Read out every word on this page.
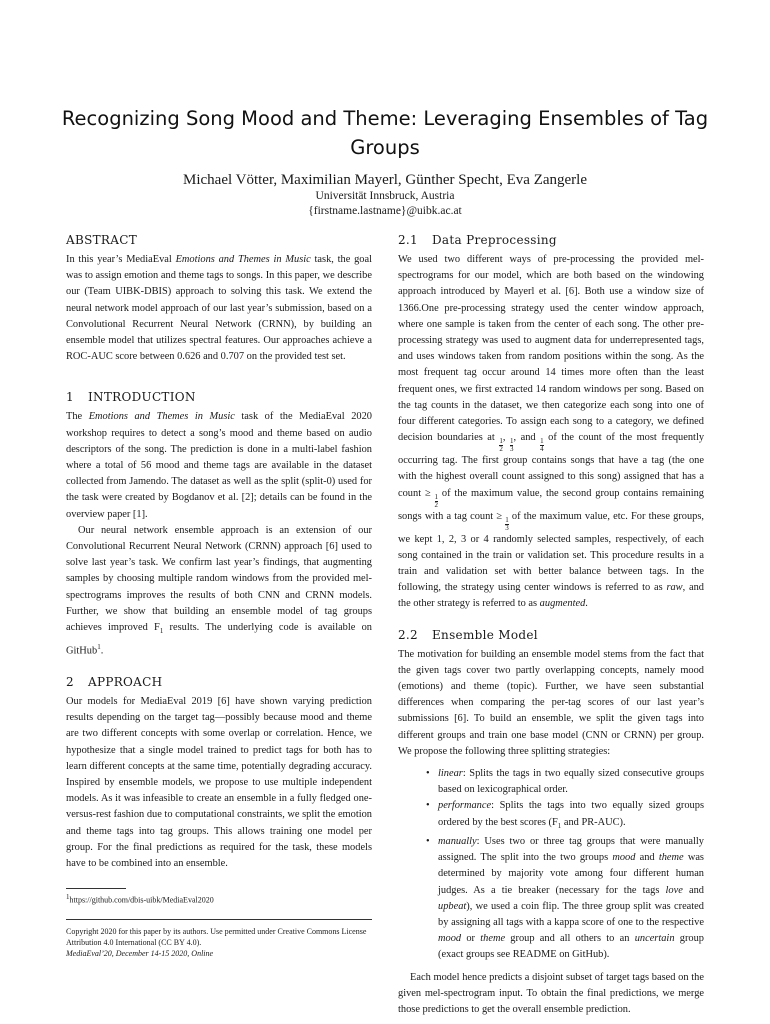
Recognizing Song Mood and Theme: Leveraging Ensembles of Tag Groups
Michael Vötter, Maximilian Mayerl, Günther Specht, Eva Zangerle
Universität Innsbruck, Austria
{firstname.lastname}@uibk.ac.at
ABSTRACT

In this year’s MediaEval Emotions and Themes in Music task, the goal was to assign emotion and theme tags to songs. In this paper, we describe our (Team UIBK-DBIS) approach to solving this task. We extend the neural network model approach of our last year’s submission, based on a Convolutional Recurrent Neural Network (CRNN), by building an ensemble model that utilizes spectral features. Our approaches achieve a ROC-AUC score between 0.626 and 0.707 on the provided test set.

1 INTRODUCTION

The Emotions and Themes in Music task of the MediaEval 2020 workshop requires to detect a song’s mood and theme based on audio descriptors of the song. The prediction is done in a multi-label fashion where a total of 56 mood and theme tags are available in the dataset collected from Jamendo. The dataset as well as the split (split-0) used for the task were created by Bogdanov et al. [2]; details can be found in the overview paper [1].

Our neural network ensemble approach is an extension of our Convolutional Recurrent Neural Network (CRNN) approach [6] used to solve last year’s task. We confirm last year’s findings, that augmenting samples by choosing multiple random windows from the provided mel-spectrograms improves the results of both CNN and CRNN models. Further, we show that building an ensemble model of tag groups achieves improved $F_1$ results. The underlying code is available on GitHub$^1$.

2 APPROACH

Our models for MediaEval 2019 [6] have shown varying prediction results depending on the target tag—possibly because mood and theme are two different concepts with some overlap or correlation. Hence, we hypothesize that a single model trained to predict tags for both has to learn different concepts at the same time, potentially degrading accuracy. Inspired by ensemble models, we propose to use multiple independent models. As it was infeasible to create an ensemble in a fully fledged one-versus-rest fashion due to computational constraints, we split the emotion and theme tags into tag groups. This allows training one model per group. For the final predictions as required for the task, these models have to be combined into an ensemble.

$^1$https://github.com/dbis-uibk/MediaEval2020
Copyright 2020 for this paper by its authors. Use permitted under Creative Commons License Attribution 4.0 International (CC BY 4.0).
MediaEval’20, December 14-15 2020, Online
2.1 Data Preprocessing

We used two different ways of pre-processing the provided mel-spectrograms for our model, which are both based on the windowing approach introduced by Mayerl et al. [6]. Both use a window size of 1366.One pre-processing strategy used the center window approach, where one sample is taken from the center of each song. The other pre-processing strategy was used to augment data for underrepresented tags, and uses windows taken from random positions within the song. As the most frequent tag occur around 14 times more often than the least frequent ones, we first extracted 14 random windows per song. Based on the tag counts in the dataset, we then categorize each song into one of four different categories. To assign each song to a category, we defined decision boundaries at
$\frac{1}{2}$
,
$\frac{1}{3}$
, and
$\frac{1}{4}$
of the count of the most frequently occurring tag. The first group contains songs that have a tag (the one with the highest overall count assigned to this song) assigned that has a count ≥
$\frac{1}{2}$
of the maximum value, the second group contains remaining songs with a tag count ≥
$\frac{1}{3}$
of the maximum value, etc. For these groups, we kept 1, 2, 3 or 4 randomly selected samples, respectively, of each song contained in the train or validation set. This procedure results in a train and validation set with better balance between tags. In the following, the strategy using center windows is referred to as raw, and the other strategy is referred to as augmented.

2.2 Ensemble Model

The motivation for building an ensemble model stems from the fact that the given tags cover two partly overlapping concepts, namely mood (emotions) and theme (topic). Further, we have seen substantial differences when comparing the per-tag scores of our last year’s submissions [6]. To build an ensemble, we split the given tags into different groups and train one base model (CNN or CRNN) per group. We propose the following three splitting strategies:

• linear: Splits the tags in two equally sized consecutive groups based on lexicographical order.
• performance: Splits the tags into two equally sized groups ordered by the best scores ($F_1$ and PR-AUC).
• manually: Uses two or three tag groups that were manually assigned. The split into the two groups mood and theme was determined by majority vote among four different human judges. As a tie breaker (necessary for the tags love and upbeat), we used a coin flip. The three group split was created by assigning all tags with a kappa score of one to the respective mood or theme group and all others to an uncertain group (exact groups see README on GitHub).

Each model hence predicts a disjoint subset of target tags based on the given mel-spectrogram input. To obtain the final predictions, we merge those predictions to get the overall ensemble prediction.
